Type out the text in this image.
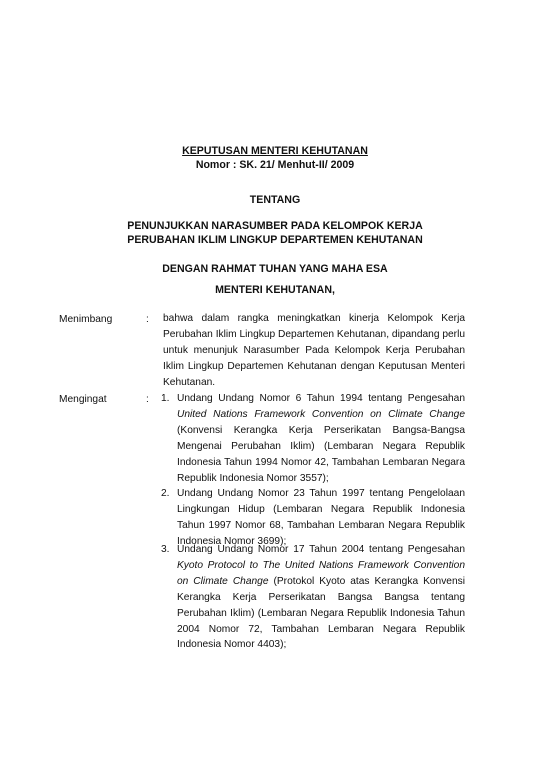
KEPUTUSAN MENTERI KEHUTANAN
Nomor : SK. 21/ Menhut-II/ 2009
TENTANG
PENUNJUKKAN NARASUMBER PADA KELOMPOK KERJA
PERUBAHAN IKLIM LINGKUP DEPARTEMEN KEHUTANAN
DENGAN RAHMAT TUHAN YANG MAHA ESA
MENTERI KEHUTANAN,
Menimbang	: bahwa dalam rangka meningkatkan kinerja Kelompok Kerja Perubahan Iklim Lingkup Departemen Kehutanan, dipandang perlu untuk menunjuk Narasumber Pada Kelompok Kerja Perubahan Iklim Lingkup Departemen Kehutanan dengan Keputusan Menteri Kehutanan.

Mengingat	: 1. Undang Undang Nomor 6 Tahun 1994 tentang Pengesahan United Nations Framework Convention on Climate Change (Konvensi Kerangka Kerja Perserikatan Bangsa-Bangsa Mengenai Perubahan Iklim) (Lembaran Negara Republik Indonesia Tahun 1994 Nomor 42, Tambahan Lembaran Negara Republik Indonesia Nomor 3557);

2. Undang Undang Nomor 23 Tahun 1997 tentang Pengelolaan Lingkungan Hidup (Lembaran Negara Republik Indonesia Tahun 1997 Nomor 68, Tambahan Lembaran Negara Republik Indonesia Nomor 3699);

3. Undang Undang Nomor 17 Tahun 2004 tentang Pengesahan Kyoto Protocol to The United Nations Framework Convention on Climate Change (Protokol Kyoto atas Kerangka Konvensi Kerangka Kerja Perserikatan Bangsa Bangsa tentang Perubahan Iklim) (Lembaran Negara Republik Indonesia Tahun 2004 Nomor 72, Tambahan Lembaran Negara Republik Indonesia Nomor 4403);
